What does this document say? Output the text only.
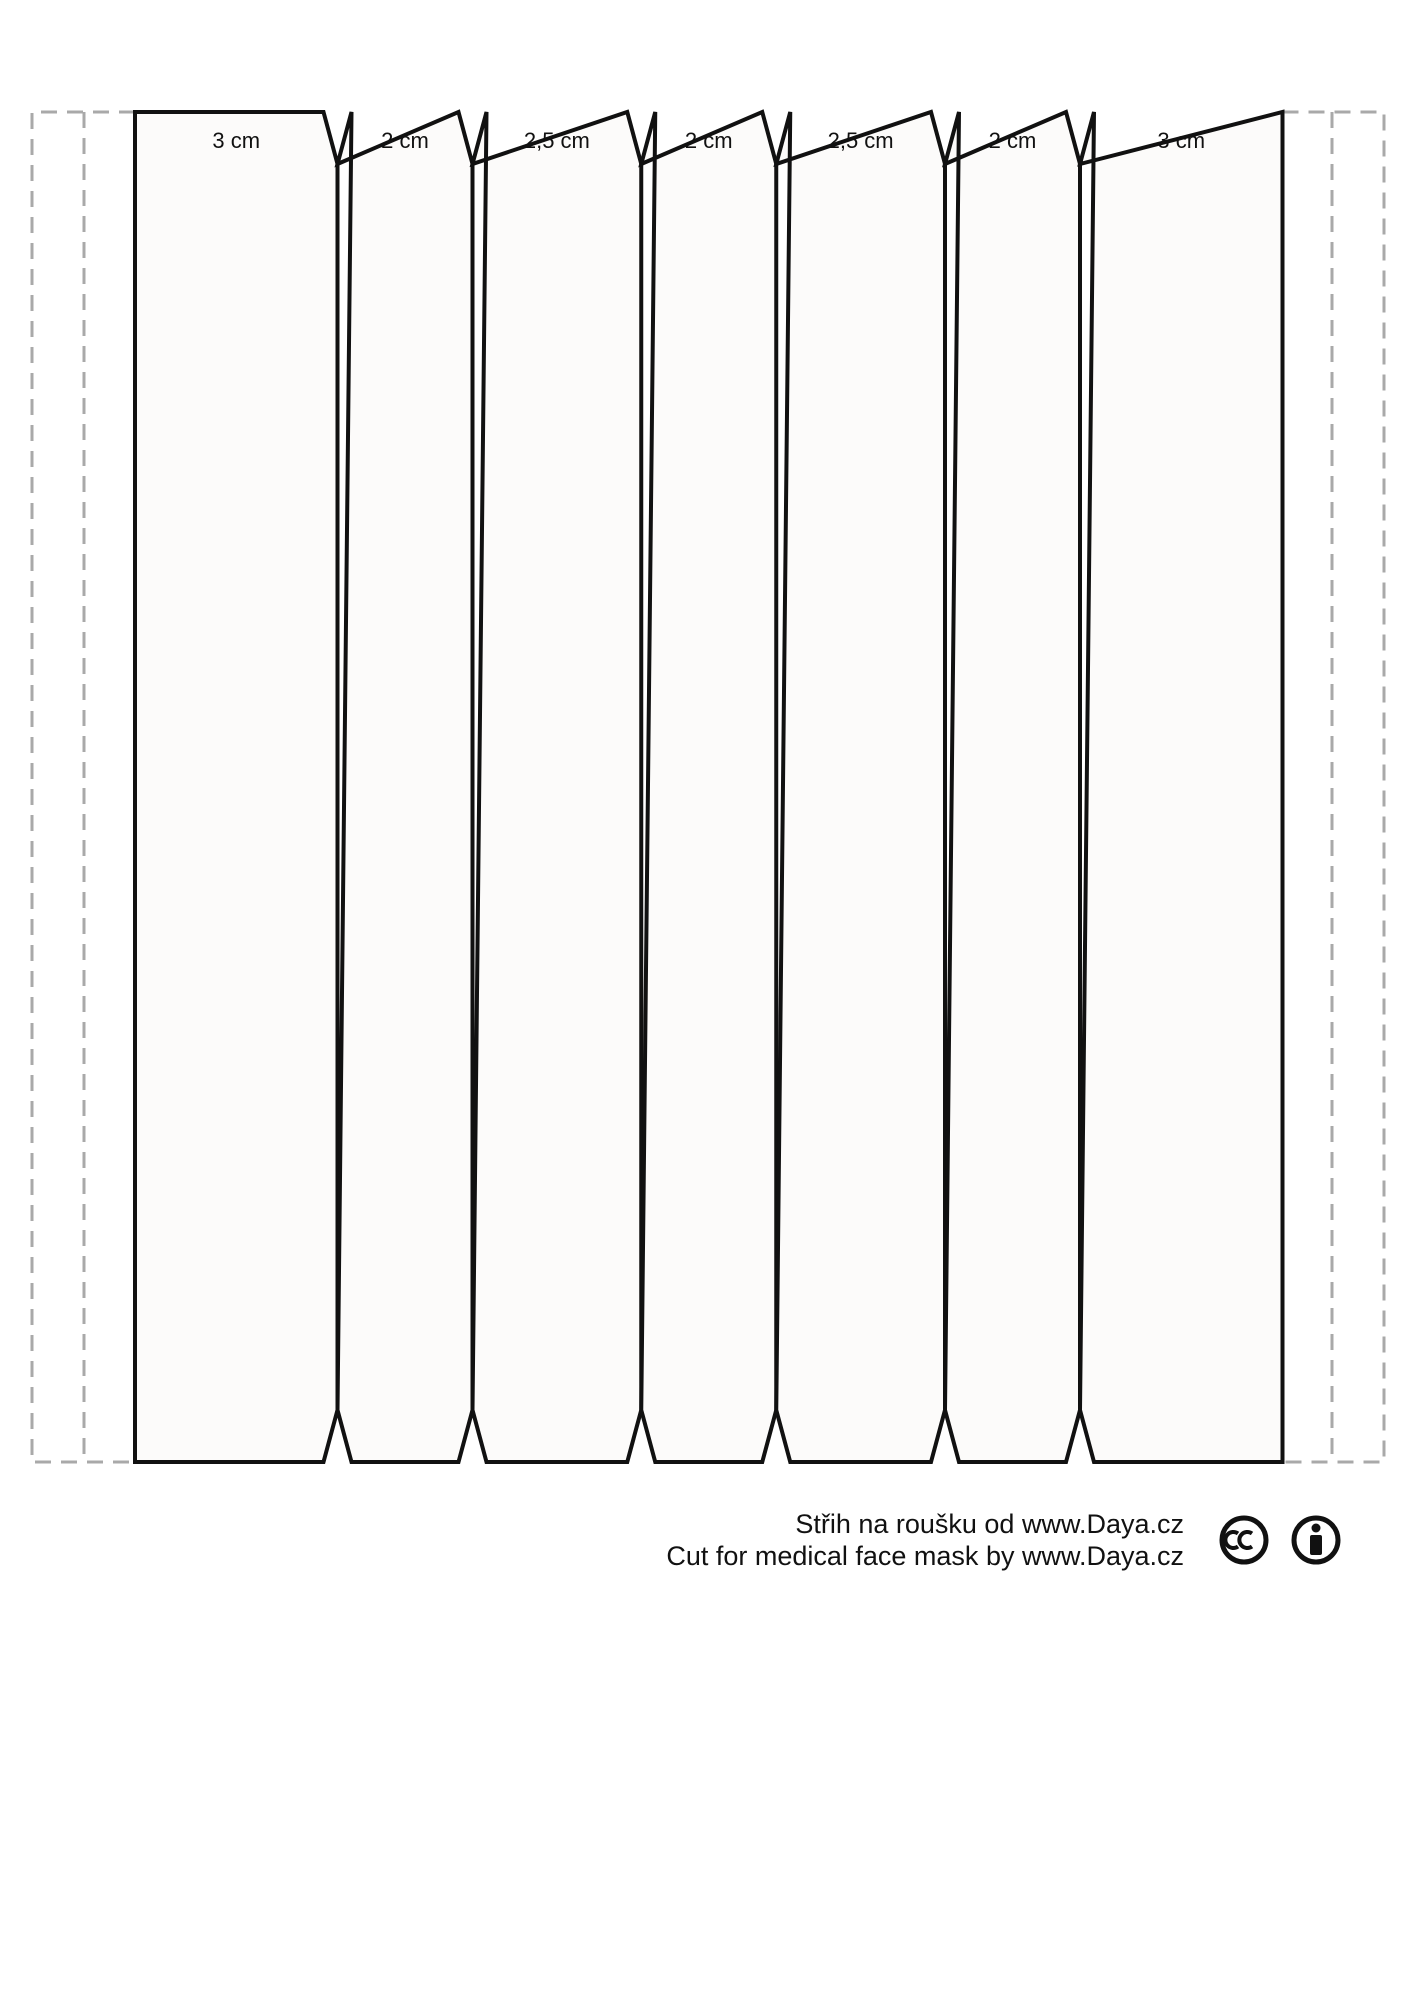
3 cm	2 cm	2,5 cm	2 cm	2,5 cm	2 cm	3 cm
Střih na roušku od www.Daya.cz
Cut for medical face mask by www.Daya.cz
